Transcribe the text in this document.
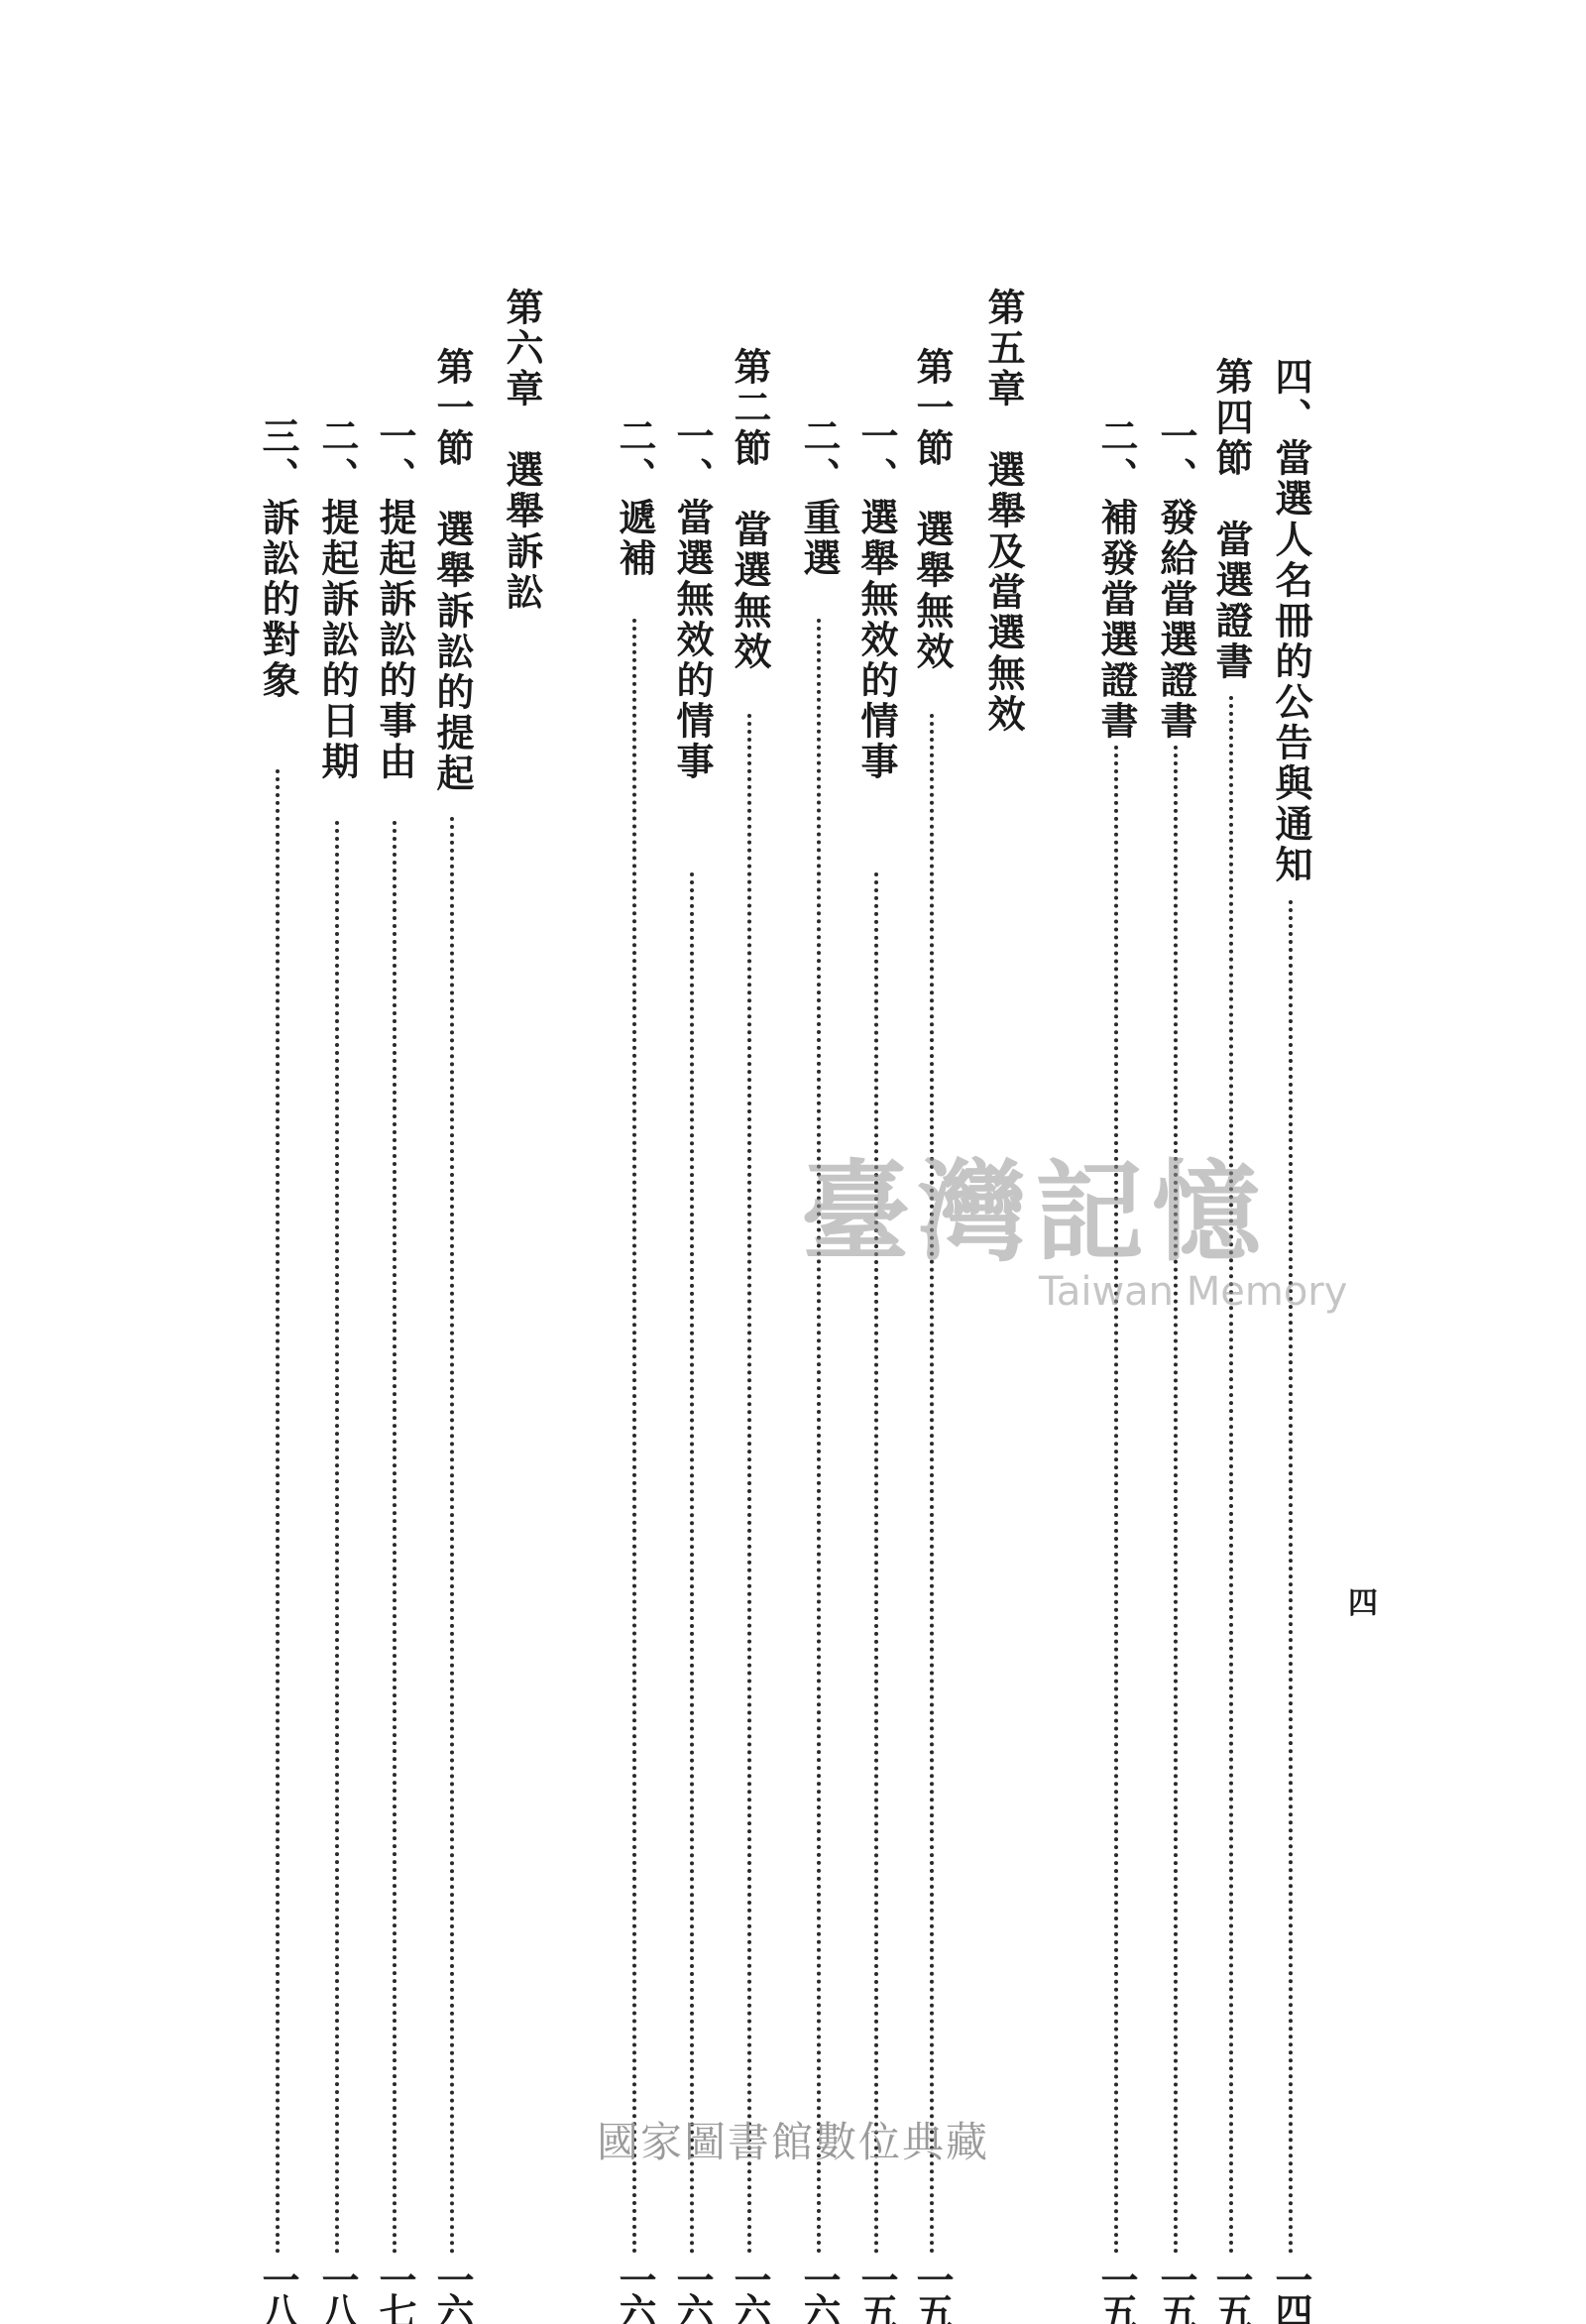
四、當選人名冊的公告與通知
一四
第四節　當選證書
一五
一、發給當選證書
一五
二、補發當選證書
一五
第五章　選舉及當選無效
第一節　選舉無效
一五
一、選舉無效的情事
一五
二、重選
一六
第二節　當選無效
一六
一、當選無效的情事
一六
二、遞補
一六
第六章　選舉訴訟
第一節　選舉訴訟的提起
一六
一、提起訴訟的事由
一七
二、提起訴訟的日期
一八
三、訴訟的對象
一八
四
臺灣記憶
Taiwan Memory
國家圖書館數位典藏
